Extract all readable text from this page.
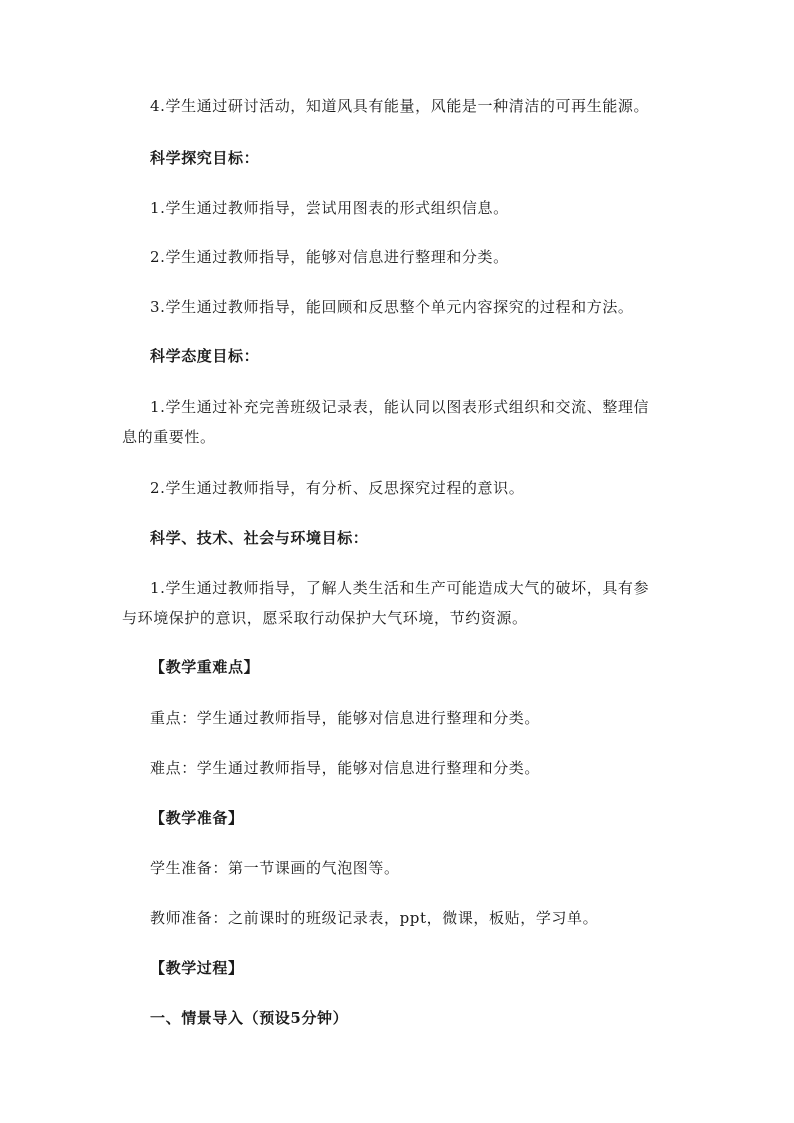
4.学生通过研讨活动，知道风具有能量，风能是一种清洁的可再生能源。
科学探究目标：
1.学生通过教师指导，尝试用图表的形式组织信息。
2.学生通过教师指导，能够对信息进行整理和分类。
3.学生通过教师指导，能回顾和反思整个单元内容探究的过程和方法。
科学态度目标：
1.学生通过补充完善班级记录表，能认同以图表形式组织和交流、整理信
息的重要性。
2.学生通过教师指导，有分析、反思探究过程的意识。
科学、技术、社会与环境目标：
1.学生通过教师指导，了解人类生活和生产可能造成大气的破坏，具有参
与环境保护的意识，愿采取行动保护大气环境，节约资源。
【教学重难点】
重点：学生通过教师指导，能够对信息进行整理和分类。
难点：学生通过教师指导，能够对信息进行整理和分类。
【教学准备】
学生准备：第一节课画的气泡图等。
教师准备：之前课时的班级记录表，ppt，微课，板贴，学习单。
【教学过程】
一、情景导入（预设5分钟）
